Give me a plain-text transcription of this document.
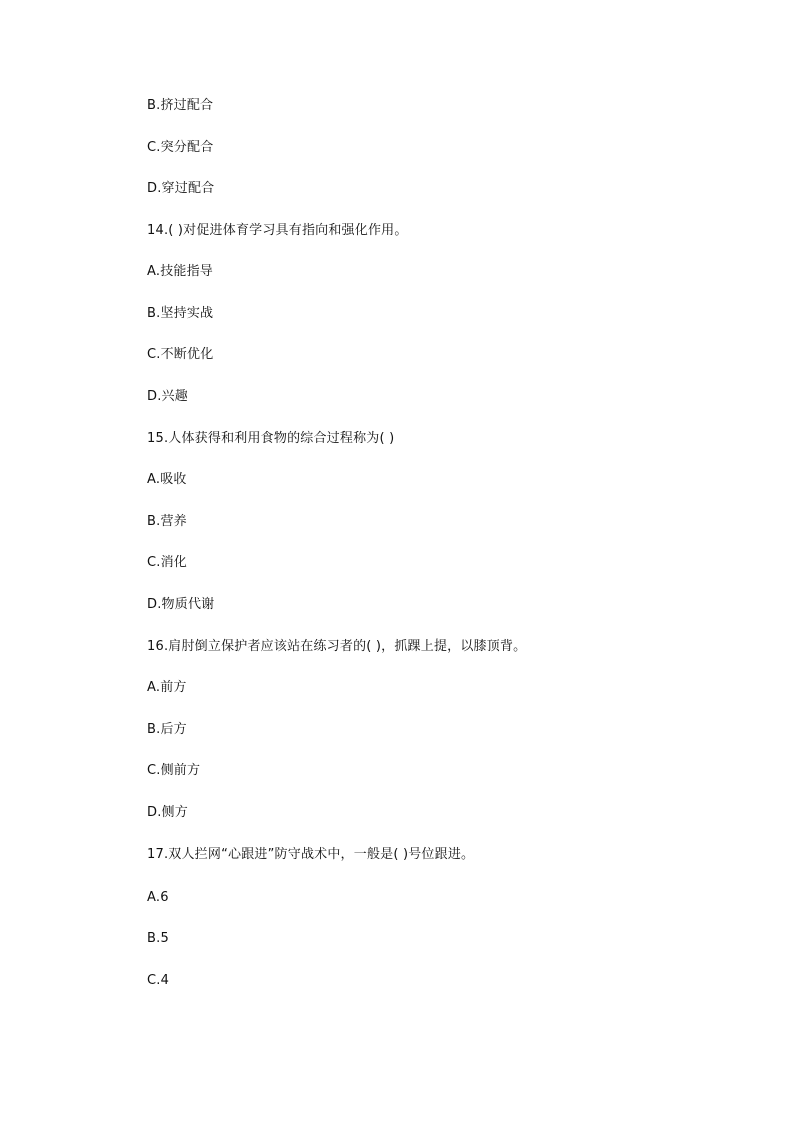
B.挤过配合
C.突分配合
D.穿过配合
14.( )对促进体育学习具有指向和强化作用。
A.技能指导
B.坚持实战
C.不断优化
D.兴趣
15.人体获得和利用食物的综合过程称为( )
A.吸收
B.营养
C.消化
D.物质代谢
16.肩肘倒立保护者应该站在练习者的( )，抓踝上提，以膝顶背。
A.前方
B.后方
C.侧前方
D.侧方
17.双人拦网“心跟进”防守战术中，一般是( )号位跟进。
A.6
B.5
C.4
